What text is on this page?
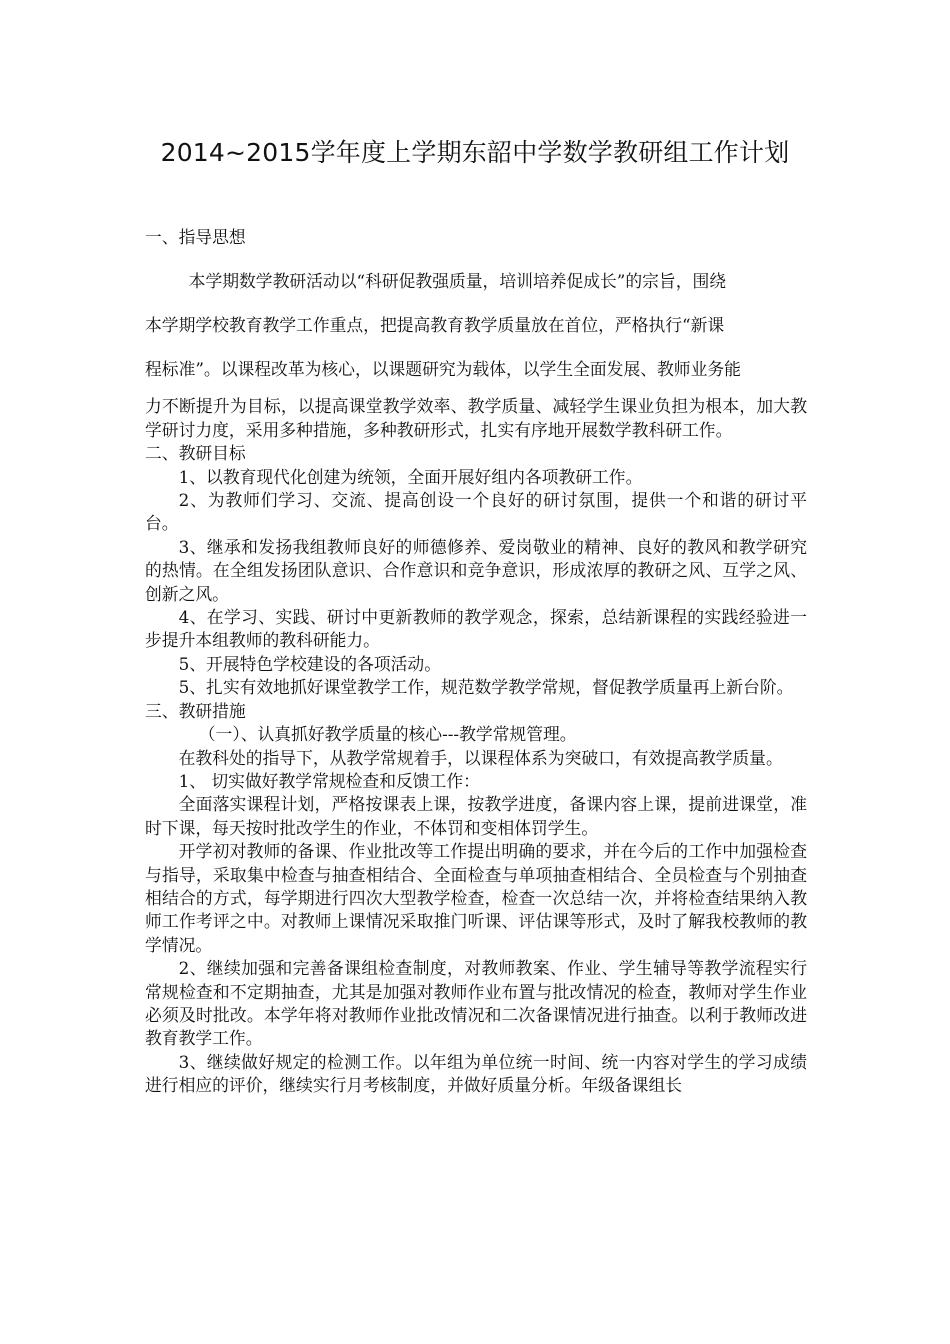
2014~2015学年度上学期东韶中学数学教研组工作计划

一、指导思想

本学期数学教研活动以“科研促教强质量，培训培养促成长”的宗旨，围绕

本学期学校教育教学工作重点，把提高教育教学质量放在首位，严格执行“新课

程标准”。以课程改革为核心，以课题研究为载体，以学生全面发展、教师业务能

力不断提升为目标，以提高课堂教学效率、教学质量、减轻学生课业负担为根本，加大教学研讨力度，采用多种措施，多种教研形式，扎实有序地开展数学教科研工作。

二、教研目标

1、以教育现代化创建为统领，全面开展好组内各项教研工作。

2、为教师们学习、交流、提高创设一个良好的研讨氛围，提供一个和谐的研讨平台。

3、继承和发扬我组教师良好的师德修养、爱岗敬业的精神、良好的教风和教学研究的热情。在全组发扬团队意识、合作意识和竞争意识，形成浓厚的教研之风、互学之风、创新之风。

4、在学习、实践、研讨中更新教师的教学观念，探索，总结新课程的实践经验进一步提升本组教师的教科研能力。

5、开展特色学校建设的各项活动。

5、扎实有效地抓好课堂教学工作，规范数学教学常规，督促教学质量再上新台阶。

三、教研措施

（一）、认真抓好教学质量的核心---教学常规管理。

在教科处的指导下，从教学常规着手，以课程体系为突破口，有效提高教学质量。

1、 切实做好教学常规检查和反馈工作：

全面落实课程计划，严格按课表上课，按教学进度，备课内容上课，提前进课堂，准时下课，每天按时批改学生的作业，不体罚和变相体罚学生。

开学初对教师的备课、作业批改等工作提出明确的要求，并在今后的工作中加强检查与指导，采取集中检查与抽查相结合、全面检查与单项抽查相结合、全员检查与个别抽查相结合的方式，每学期进行四次大型教学检查，检查一次总结一次，并将检查结果纳入教师工作考评之中。对教师上课情况采取推门听课、评估课等形式，及时了解我校教师的教学情况。

2、继续加强和完善备课组检查制度，对教师教案、作业、学生辅导等教学流程实行常规检查和不定期抽查，尤其是加强对教师作业布置与批改情况的检查，教师对学生作业必须及时批改。本学年将对教师作业批改情况和二次备课情况进行抽查。以利于教师改进教育教学工作。

3、继续做好规定的检测工作。以年组为单位统一时间、统一内容对学生的学习成绩进行相应的评价，继续实行月考核制度，并做好质量分析。年级备课组长
